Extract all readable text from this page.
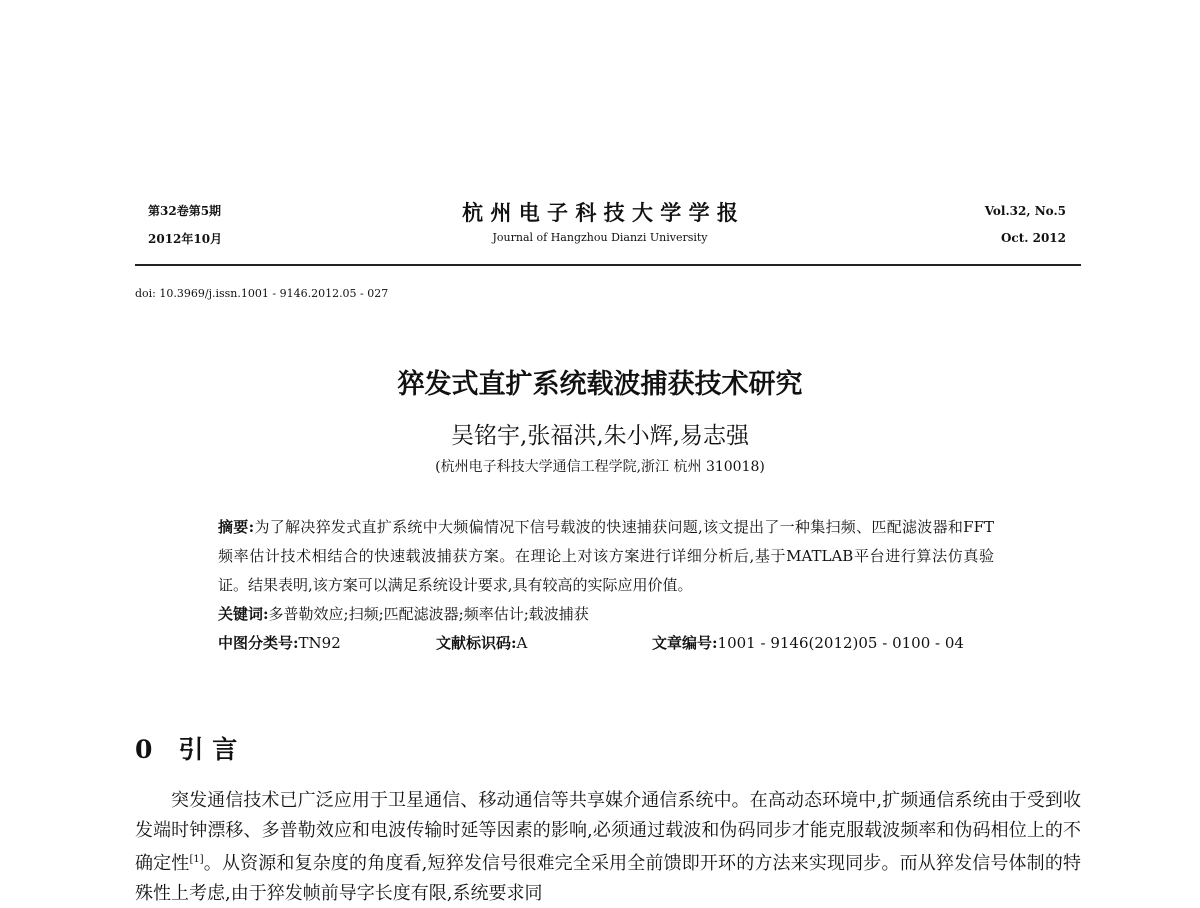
第32卷第5期
2012年10月
杭 州 电 子 科 技 大 学 学 报
Journal of Hangzhou Dianzi University
Vol.32, No.5
Oct. 2012
doi: 10.3969/j.issn.1001 - 9146.2012.05 - 027
猝发式直扩系统载波捕获技术研究
吴铭宇,张福洪,朱小辉,易志强
(杭州电子科技大学通信工程学院,浙江 杭州 310018)

摘要:为了解决猝发式直扩系统中大频偏情况下信号载波的快速捕获问题,该文提出了一种集扫频、匹配滤波器和FFT频率估计技术相结合的快速载波捕获方案。在理论上对该方案进行详细分析后,基于MATLAB平台进行算法仿真验证。结果表明,该方案可以满足系统设计要求,具有较高的实际应用价值。

关键词:多普勒效应;扫频;匹配滤波器;频率估计;载波捕获

中图分类号:TN92	文献标识码:A	文章编号:1001 - 9146(2012)05 - 0100 - 04
0 引 言

突发通信技术已广泛应用于卫星通信、移动通信等共享媒介通信系统中。在高动态环境中,扩频通信系统由于受到收发端时钟漂移、多普勒效应和电波传输时延等因素的影响,必须通过载波和伪码同步才能克服载波频率和伪码相位上的不确定性[1]。从资源和复杂度的角度看,短猝发信号很难完全采用全前馈即开环的方法来实现同步。而从猝发信号体制的特殊性上考虑,由于猝发帧前导字长度有限,系统要求同
